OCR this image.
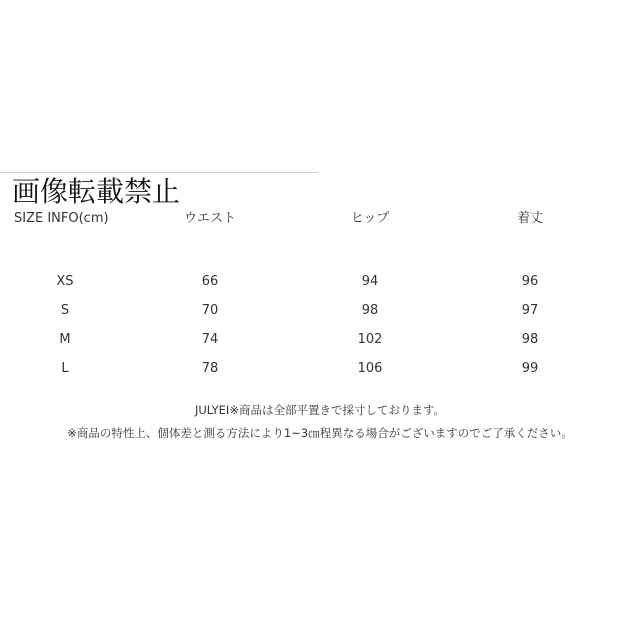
画像転載禁止
SIZE INFO(cm)	ウエスト	ヒップ	着丈
XS	66	94	96
S	70	98	97
M	74	102	98
L	78	106	99
JULYEI※商品は全部平置きで採寸しております。
※商品の特性上、個体差と測る方法により1~3㎝程異なる場合がございますのでご了承ください。
